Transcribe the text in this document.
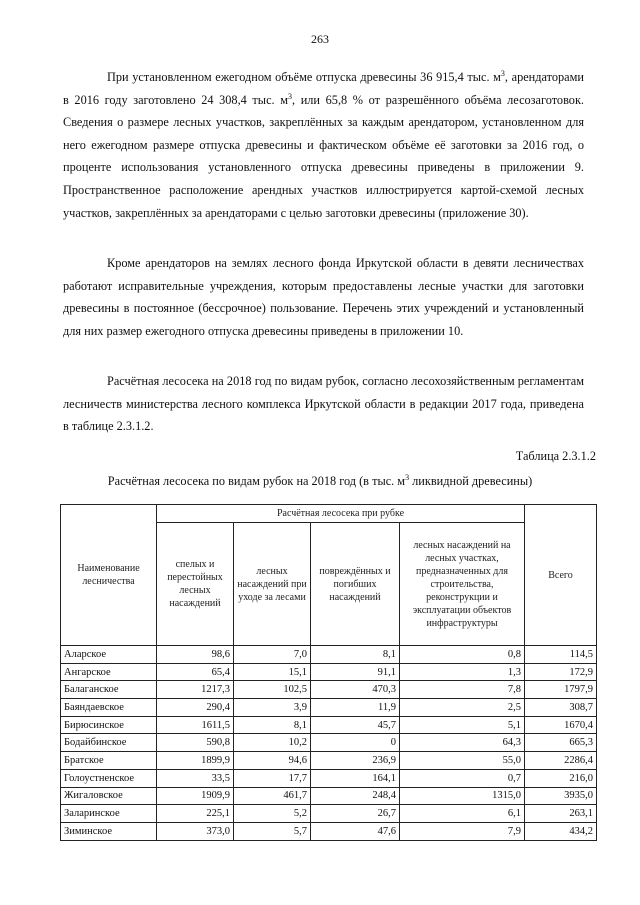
263

При установленном ежегодном объёме отпуска древесины 36 915,4 тыс. $м^3$, арендаторами в 2016 году заготовлено 24 308,4 тыс. $м^3$, или 65,8 % от разрешённого объёма лесозаготовок. Сведения о размере лесных участков, закреплённых за каждым арендатором, установленном для него ежегодном размере отпуска древесины и фактическом объёме её заготовки за 2016 год, о проценте использования установленного отпуска древесины приведены в приложении 9. Пространственное расположение арендных участков иллюстрируется картой-схемой лесных участков, закреплённых за арендаторами с целью заготовки древесины (приложение 30).

Кроме арендаторов на землях лесного фонда Иркутской области в девяти лесничествах работают исправительные учреждения, которым предоставлены лесные участки для заготовки древесины в постоянное (бессрочное) пользование. Перечень этих учреждений и установленный для них размер ежегодного отпуска древесины приведены в приложении 10.

Расчётная лесосека на 2018 год по видам рубок, согласно лесохозяйственным регламентам лесничеств министерства лесного комплекса Иркутской области в редакции 2017 года, приведена в таблице 2.3.1.2.

Таблица 2.3.1.2
Расчётная лесосека по видам рубок на 2018 год (в тыс. $м^3$ ликвидной древесины)
Наименование лесничества	Расчётная лесосека при рубке				Всего
	спелых и перестойных лесных насаждений	лесных насаждений при уходе за лесами	повреждённых и погибших насаждений	лесных насаждений на лесных участках, предназначенных для строительства, реконструкции и эксплуатации объектов инфраструктуры	
Аларское	98,6	7,0	8,1	0,8	114,5
Ангарское	65,4	15,1	91,1	1,3	172,9
Балаганское	1217,3	102,5	470,3	7,8	1797,9
Баяндаевское	290,4	3,9	11,9	2,5	308,7
Бирюсинское	1611,5	8,1	45,7	5,1	1670,4
Бодайбинское	590,8	10,2	0	64,3	665,3
Братское	1899,9	94,6	236,9	55,0	2286,4
Голоустненское	33,5	17,7	164,1	0,7	216,0
Жигаловское	1909,9	461,7	248,4	1315,0	3935,0
Заларинское	225,1	5,2	26,7	6,1	263,1
Зиминское	373,0	5,7	47,6	7,9	434,2
